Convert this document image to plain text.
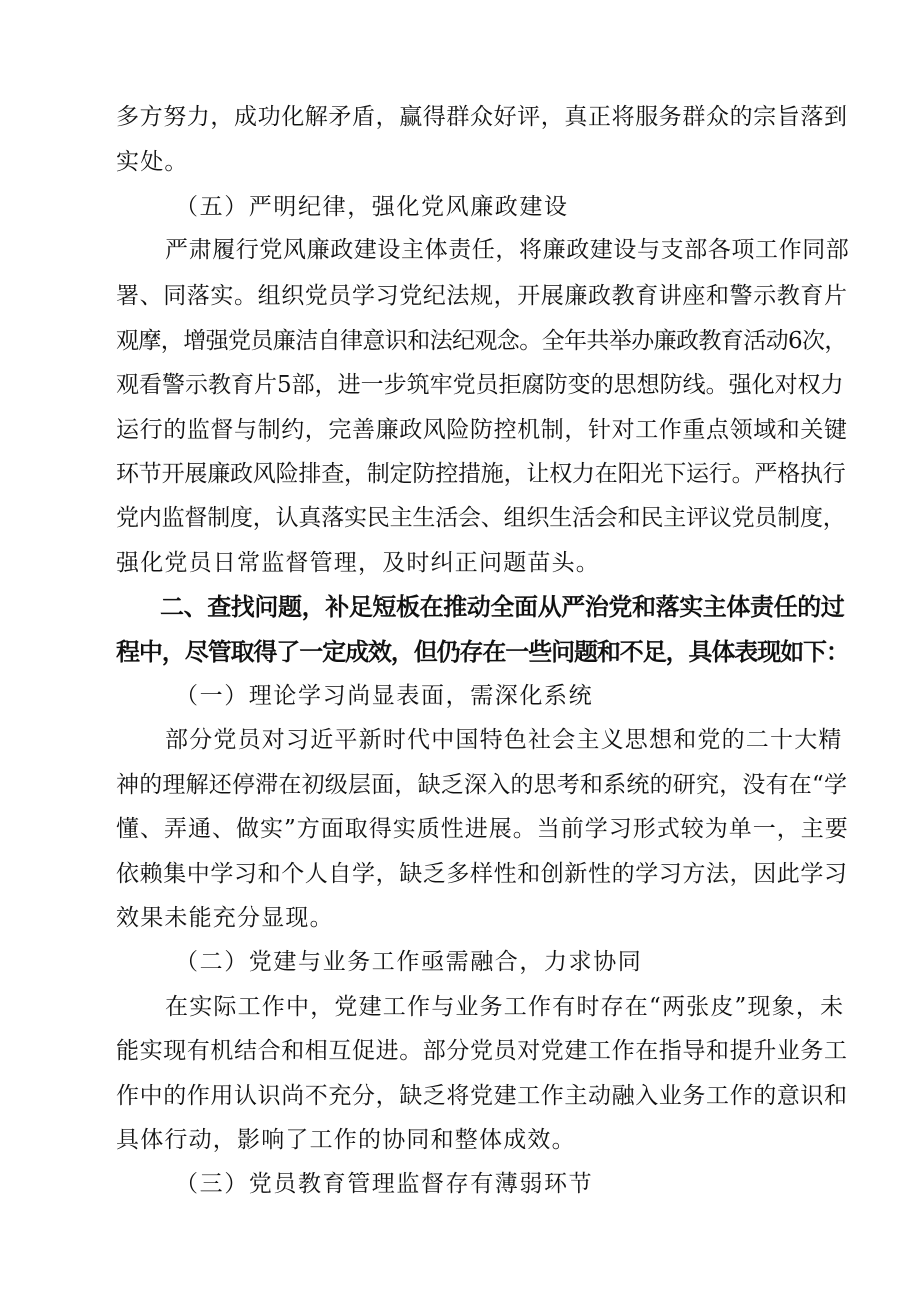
多方努力，成功化解矛盾，赢得群众好评，真正将服务群众的宗旨落到
实处。
（五）严明纪律，强化党风廉政建设
严肃履行党风廉政建设主体责任，将廉政建设与支部各项工作同部
署、同落实。组织党员学习党纪法规，开展廉政教育讲座和警示教育片
观摩，增强党员廉洁自律意识和法纪观念。全年共举办廉政教育活动6次，
观看警示教育片5部，进一步筑牢党员拒腐防变的思想防线。强化对权力
运行的监督与制约，完善廉政风险防控机制，针对工作重点领域和关键
环节开展廉政风险排查，制定防控措施，让权力在阳光下运行。严格执行
党内监督制度，认真落实民主生活会、组织生活会和民主评议党员制度，
强化党员日常监督管理，及时纠正问题苗头。
二、查找问题，补足短板在推动全面从严治党和落实主体责任的过
程中，尽管取得了一定成效，但仍存在一些问题和不足，具体表现如下：
（一）理论学习尚显表面，需深化系统
部分党员对习近平新时代中国特色社会主义思想和党的二十大精
神的理解还停滞在初级层面，缺乏深入的思考和系统的研究，没有在“学
懂、弄通、做实”方面取得实质性进展。当前学习形式较为单一，主要
依赖集中学习和个人自学，缺乏多样性和创新性的学习方法，因此学习
效果未能充分显现。
（二）党建与业务工作亟需融合，力求协同
在实际工作中，党建工作与业务工作有时存在“两张皮”现象，未
能实现有机结合和相互促进。部分党员对党建工作在指导和提升业务工
作中的作用认识尚不充分，缺乏将党建工作主动融入业务工作的意识和
具体行动，影响了工作的协同和整体成效。
（三）党员教育管理监督存有薄弱环节
